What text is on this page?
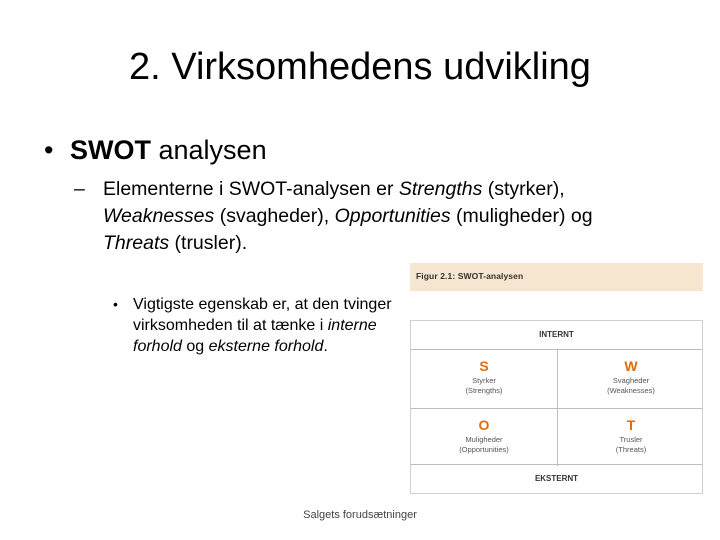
2. Virksomhedens udvikling
• SWOT analysen
– Elementerne i SWOT-analysen er Strengths (styrker), Weaknesses (svagheder), Opportunities (muligheder) og Threats (trusler).
• Vigtigste egenskab er, at den tvinger virksomheden til at tænke i interne forhold og eksterne forhold.
Figur 2.1: SWOT-analysen
INTERNT
S
Styrker
(Strengths)
W
Svagheder
(Weaknesses)
O
Muligheder
(Opportunities)
T
Trusler
(Threats)
EKSTERNT
Salgets forudsætninger
